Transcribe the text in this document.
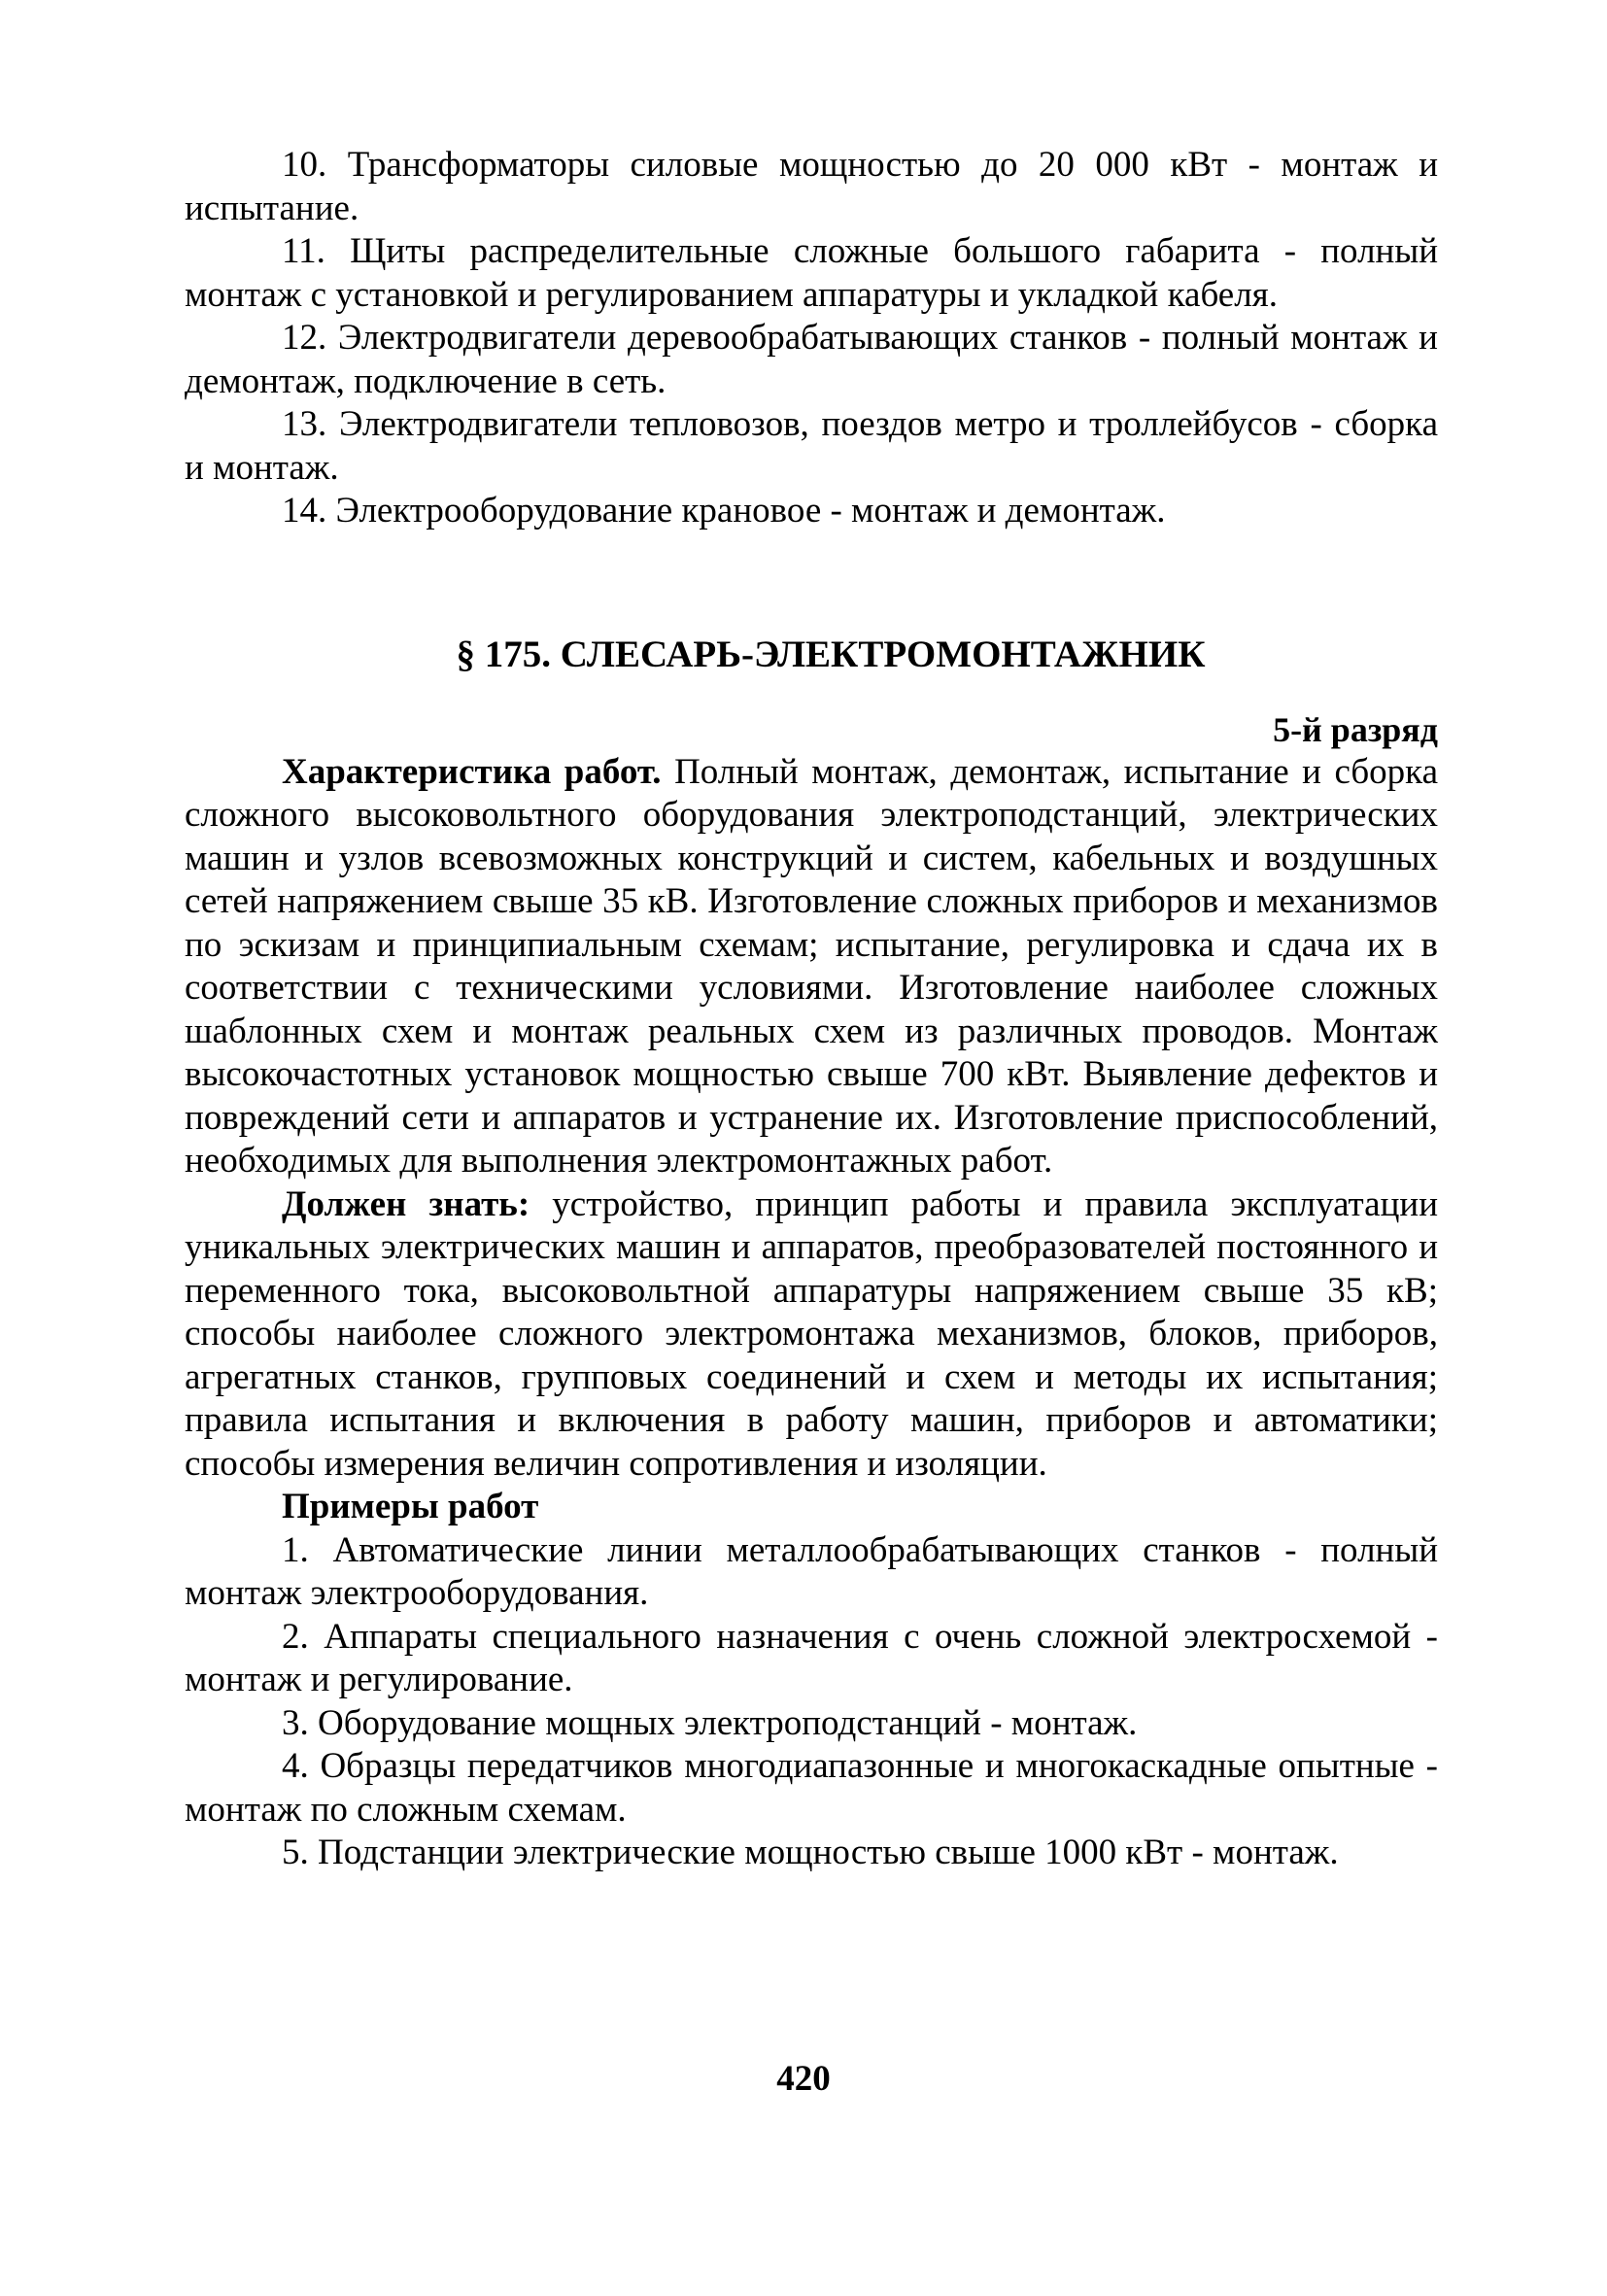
10. Трансформаторы силовые мощностью до 20 000 кВт - монтаж и испытание.

11. Щиты распределительные сложные большого габарита - полный монтаж с установкой и регулированием аппаратуры и укладкой кабеля.

12. Электродвигатели деревообрабатывающих станков - полный монтаж и демонтаж, подключение в сеть.

13. Электродвигатели тепловозов, поездов метро и троллейбусов - сборка и монтаж.

14. Электрооборудование крановое - монтаж и демонтаж.

§ 175. СЛЕСАРЬ-ЭЛЕКТРОМОНТАЖНИК

5-й разряд

Характеристика работ. Полный монтаж, демонтаж, испытание и сборка сложного высоковольтного оборудования электроподстанций, электрических машин и узлов всевозможных конструкций и систем, кабельных и воздушных сетей напряжением свыше 35 кВ. Изготовление сложных приборов и механизмов по эскизам и принципиальным схемам; испытание, регулировка и сдача их в соответствии с техническими условиями. Изготовление наиболее сложных шаблонных схем и монтаж реальных схем из различных проводов. Монтаж высокочастотных установок мощностью свыше 700 кВт. Выявление дефектов и повреждений сети и аппаратов и устранение их. Изготовление приспособлений, необходимых для выполнения электромонтажных работ.

Должен знать: устройство, принцип работы и правила эксплуатации уникальных электрических машин и аппаратов, преобразователей постоянного и переменного тока, высоковольтной аппаратуры напряжением свыше 35 кВ; способы наиболее сложного электромонтажа механизмов, блоков, приборов, агрегатных станков, групповых соединений и схем и методы их испытания; правила испытания и включения в работу машин, приборов и автоматики; способы измерения величин сопротивления и изоляции.

Примеры работ

1. Автоматические линии металлообрабатывающих станков - полный монтаж электрооборудования.

2. Аппараты специального назначения с очень сложной электросхемой - монтаж и регулирование.

3. Оборудование мощных электроподстанций - монтаж.

4. Образцы передатчиков многодиапазонные и многокаскадные опытные - монтаж по сложным схемам.

5. Подстанции электрические мощностью свыше 1000 кВт - монтаж.

420
